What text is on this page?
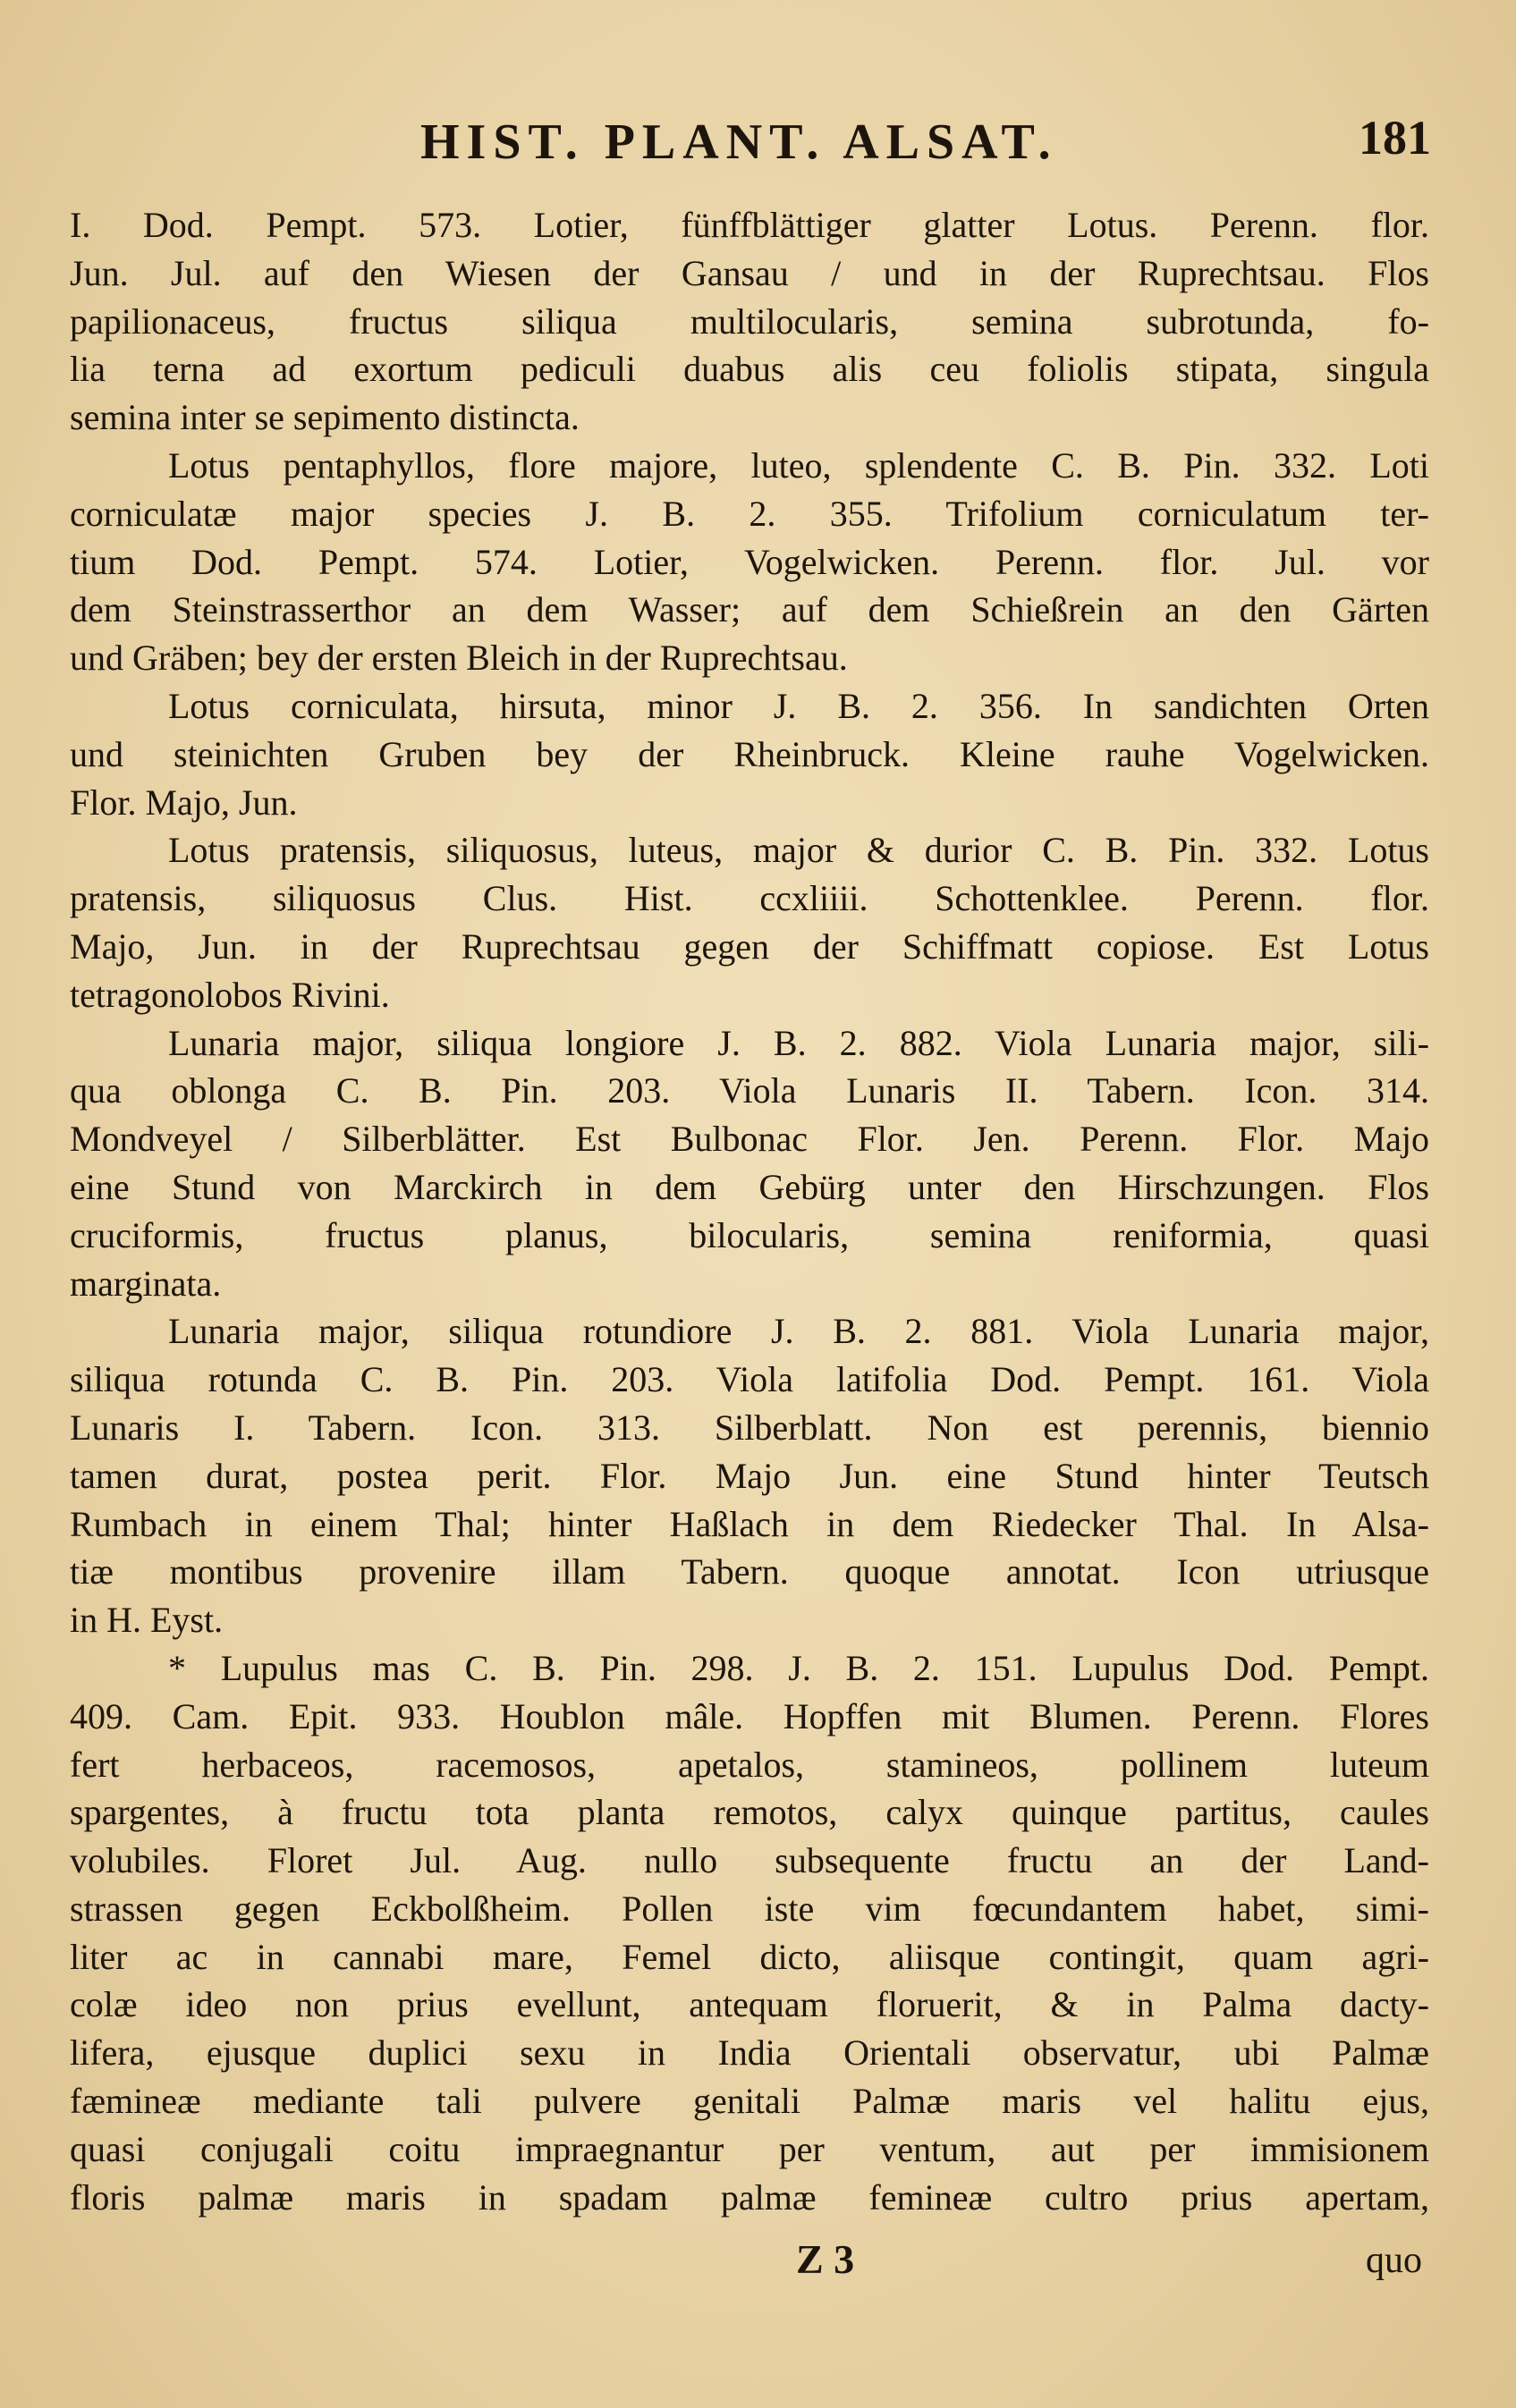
HIST. PLANT. ALSAT.	181
I. Dod. Pempt. 573. Lotier, fünffblättiger glatter Lotus. Perenn. flor.
Jun. Jul. auf den Wiesen der Gansau / und in der Ruprechtsau. Flos
papilionaceus, fructus siliqua multilocularis, semina subrotunda, fo-
lia terna ad exortum pediculi duabus alis ceu foliolis stipata, singula
semina inter se sepimento distincta.
Lotus pentaphyllos, flore majore, luteo, splendente C. B. Pin. 332. Loti
corniculatæ major species J. B. 2. 355. Trifolium corniculatum ter-
tium Dod. Pempt. 574. Lotier, Vogelwicken. Perenn. flor. Jul. vor
dem Steinstrasserthor an dem Wasser; auf dem Schießrein an den Gärten
und Gräben; bey der ersten Bleich in der Ruprechtsau.
Lotus corniculata, hirsuta, minor J. B. 2. 356. In sandichten Orten
und steinichten Gruben bey der Rheinbruck. Kleine rauhe Vogelwicken.
Flor. Majo, Jun.
Lotus pratensis, siliquosus, luteus, major & durior C. B. Pin. 332. Lotus
pratensis, siliquosus Clus. Hist. ccxliiii. Schottenklee. Perenn. flor.
Majo, Jun. in der Ruprechtsau gegen der Schiffmatt copiose. Est Lotus
tetragonolobos Rivini.
Lunaria major, siliqua longiore J. B. 2. 882. Viola Lunaria major, sili-
qua oblonga C. B. Pin. 203. Viola Lunaris II. Tabern. Icon. 314.
Mondveyel / Silberblätter. Est Bulbonac Flor. Jen. Perenn. Flor. Majo
eine Stund von Marckirch in dem Gebürg unter den Hirschzungen. Flos
cruciformis, fructus planus, bilocularis, semina reniformia, quasi
marginata.
Lunaria major, siliqua rotundiore J. B. 2. 881. Viola Lunaria major,
siliqua rotunda C. B. Pin. 203. Viola latifolia Dod. Pempt. 161. Viola
Lunaris I. Tabern. Icon. 313. Silberblatt. Non est perennis, biennio
tamen durat, postea perit. Flor. Majo Jun. eine Stund hinter Teutsch
Rumbach in einem Thal; hinter Haßlach in dem Riedecker Thal. In Alsa-
tiæ montibus provenire illam Tabern. quoque annotat. Icon utriusque
in H. Eyst.
* Lupulus mas C. B. Pin. 298. J. B. 2. 151. Lupulus Dod. Pempt.
409. Cam. Epit. 933. Houblon mâle. Hopffen mit Blumen. Perenn. Flores
fert herbaceos, racemosos, apetalos, stamineos, pollinem luteum
spargentes, à fructu tota planta remotos, calyx quinque partitus, caules
volubiles. Floret Jul. Aug. nullo subsequente fructu an der Land-
strassen gegen Eckbolßheim. Pollen iste vim fœcundantem habet, simi-
liter ac in cannabi mare, Femel dicto, aliisque contingit, quam agri-
colæ ideo non prius evellunt, antequam floruerit, & in Palma dacty-
lifera, ejusque duplici sexu in India Orientali observatur, ubi Palmæ
fæmineæ mediante tali pulvere genitali Palmæ maris vel halitu ejus,
quasi conjugali coitu impraegnantur per ventum, aut per immisionem
floris palmæ maris in spadam palmæ femineæ cultro prius apertam,
Z 3	quo
